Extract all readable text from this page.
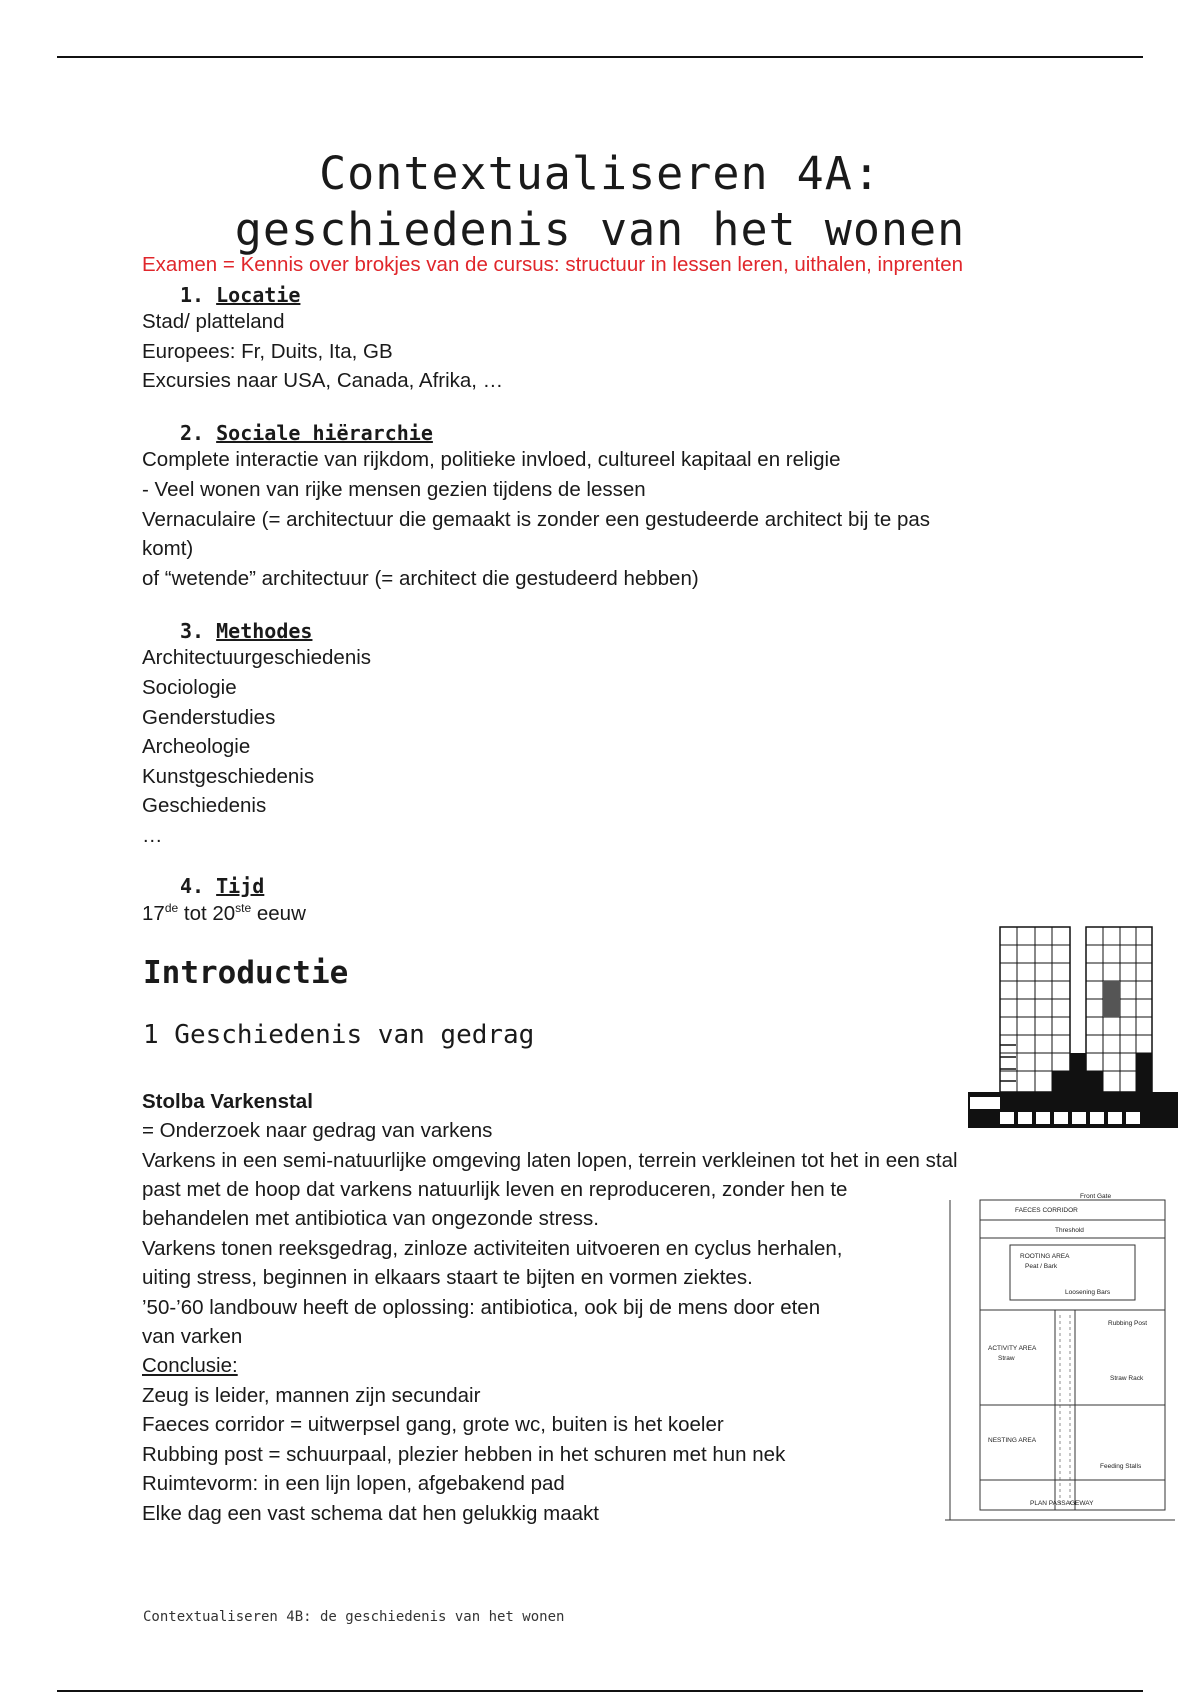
Contextualiseren 4A:
geschiedenis van het wonen
Examen = Kennis over brokjes van de cursus: structuur in lessen leren, uithalen, inprenten
1. Locatie
Stad/ platteland
Europees: Fr, Duits, Ita, GB
Excursies naar USA, Canada, Afrika, …
2. Sociale hiërarchie
Complete interactie van rijkdom, politieke invloed, cultureel kapitaal en religie
- Veel wonen van rijke mensen gezien tijdens de lessen
Vernaculaire (= architectuur die gemaakt is zonder een gestudeerde architect bij te pas
komt)
of “wetende” architectuur (= architect die gestudeerd hebben)
3. Methodes
Architectuurgeschiedenis
Sociologie
Genderstudies
Archeologie
Kunstgeschiedenis
Geschiedenis
…
4. Tijd
17de tot 20ste eeuw
Introductie
1 Geschiedenis van gedrag
Stolba Varkenstal
= Onderzoek naar gedrag van varkens
Varkens in een semi-natuurlijke omgeving laten lopen, terrein verkleinen tot het in een stal
past met de hoop dat varkens natuurlijk leven en reproduceren, zonder hen te
behandelen met antibiotica van ongezonde stress.
Varkens tonen reeksgedrag, zinloze activiteiten uitvoeren en cyclus herhalen,
uiting stress, beginnen in elkaars staart te bijten en vormen ziektes.
’50-’60 landbouw heeft de oplossing: antibiotica, ook bij de mens door eten
van varken
Conclusie:
Zeug is leider, mannen zijn secundair
Faeces corridor = uitwerpsel gang, grote wc, buiten is het koeler
Rubbing post = schuurpaal, plezier hebben in het schuren met hun nek
Ruimtevorm: in een lijn lopen, afgebakend pad
Elke dag een vast schema dat hen gelukkig maakt
Front Gate
FAECES CORRIDOR
Threshold
ROOTING AREA
Peat / Bark
Loosening Bars
Rubbing Post
ACTIVITY AREA
Straw
Straw Rack
NESTING AREA
Feeding Stalls
PLAN PASSAGEWAY
Contextualiseren 4B: de geschiedenis van het wonen
